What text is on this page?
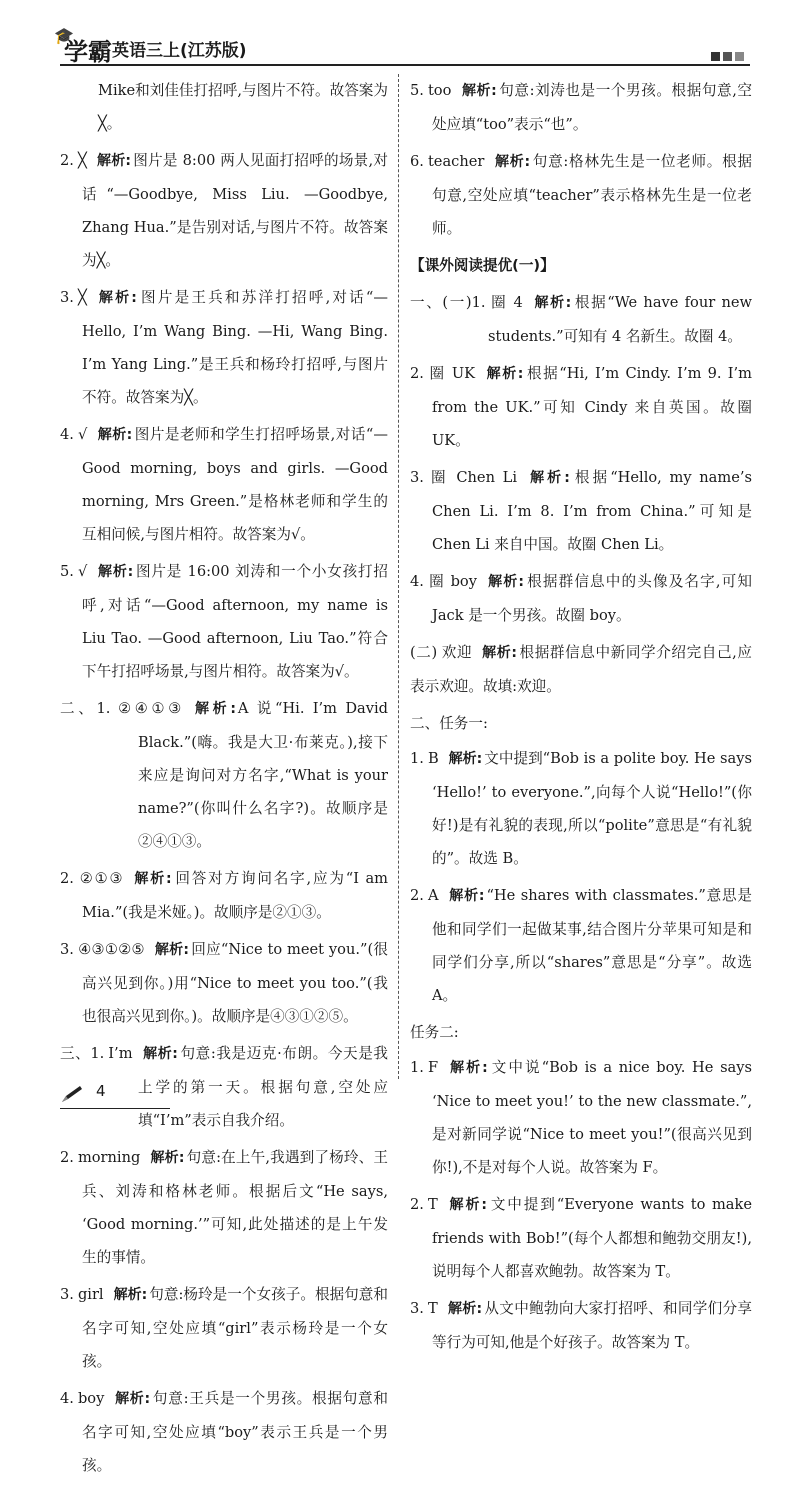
🎓
学霸 英语三上(江苏版)
Mike和刘佳佳打招呼,与图片不符。故答案为╳。
2. ╳ 解析: 图片是 8:00 两人见面打招呼的场景,对话“—Goodbye, Miss Liu. —Goodbye, Zhang Hua.”是告别对话,与图片不符。故答案为╳。
3. ╳ 解析: 图片是王兵和苏洋打招呼,对话“—Hello, I’m Wang Bing. —Hi, Wang Bing. I’m Yang Ling.”是王兵和杨玲打招呼,与图片不符。故答案为╳。
4. √ 解析: 图片是老师和学生打招呼场景,对话“—Good morning, boys and girls. —Good morning, Mrs Green.”是格林老师和学生的互相问候,与图片相符。故答案为√。
5. √ 解析: 图片是 16:00 刘涛和一个小女孩打招呼,对话“—Good afternoon, my name is Liu Tao. —Good afternoon, Liu Tao.”符合下午打招呼场景,与图片相符。故答案为√。
二、1. ②④①③ 解析: A 说“Hi. I’m David Black.”(嗨。我是大卫·布莱克。),接下来应是询问对方名字,“What is your name?”(你叫什么名字?)。故顺序是②④①③。
2. ②①③ 解析: 回答对方询问名字,应为“I am Mia.”(我是米娅。)。故顺序是②①③。
3. ④③①②⑤ 解析: 回应“Nice to meet you.”(很高兴见到你。)用“Nice to meet you too.”(我也很高兴见到你。)。故顺序是④③①②⑤。
三、1. I’m 解析: 句意:我是迈克·布朗。今天是我上学的第一天。根据句意,空处应填“I’m”表示自我介绍。
2. morning 解析: 句意:在上午,我遇到了杨玲、王兵、刘涛和格林老师。根据后文“He says, ‘Good morning.’”可知,此处描述的是上午发生的事情。
3. girl 解析: 句意:杨玲是一个女孩子。根据句意和名字可知,空处应填“girl”表示杨玲是一个女孩。
4. boy 解析: 句意:王兵是一个男孩。根据句意和名字可知,空处应填“boy”表示王兵是一个男孩。
5. too 解析: 句意:刘涛也是一个男孩。根据句意,空处应填“too”表示“也”。
6. teacher 解析: 句意:格林先生是一位老师。根据句意,空处应填“teacher”表示格林先生是一位老师。
【课外阅读提优(一)】
一、(一)1. 圈 4 解析: 根据“We have four new students.”可知有 4 名新生。故圈 4。
2. 圈 UK 解析: 根据“Hi, I’m Cindy. I’m 9. I’m from the UK.”可知 Cindy 来自英国。故圈 UK。
3. 圈 Chen Li 解析: 根据“Hello, my name’s Chen Li. I’m 8. I’m from China.”可知是 Chen Li 来自中国。故圈 Chen Li。
4. 圈 boy 解析: 根据群信息中的头像及名字,可知 Jack 是一个男孩。故圈 boy。
(二) 欢迎 解析: 根据群信息中新同学介绍完自己,应表示欢迎。故填:欢迎。
二、任务一:
1. B 解析: 文中提到“Bob is a polite boy. He says ‘Hello!’ to everyone.”,向每个人说“Hello!”(你好!)是有礼貌的表现,所以“polite”意思是“有礼貌的”。故选 B。
2. A 解析: “He shares with classmates.”意思是他和同学们一起做某事,结合图片分苹果可知是和同学们分享,所以“shares”意思是“分享”。故选 A。
任务二:
1. F 解析: 文中说“Bob is a nice boy. He says ‘Nice to meet you!’ to the new classmate.”,是对新同学说“Nice to meet you!”(很高兴见到你!),不是对每个人说。故答案为 F。
2. T 解析: 文中提到“Everyone wants to make friends with Bob!”(每个人都想和鲍勃交朋友!),说明每个人都喜欢鲍勃。故答案为 T。
3. T 解析: 从文中鲍勃向大家打招呼、和同学们分享等行为可知,他是个好孩子。故答案为 T。
4
